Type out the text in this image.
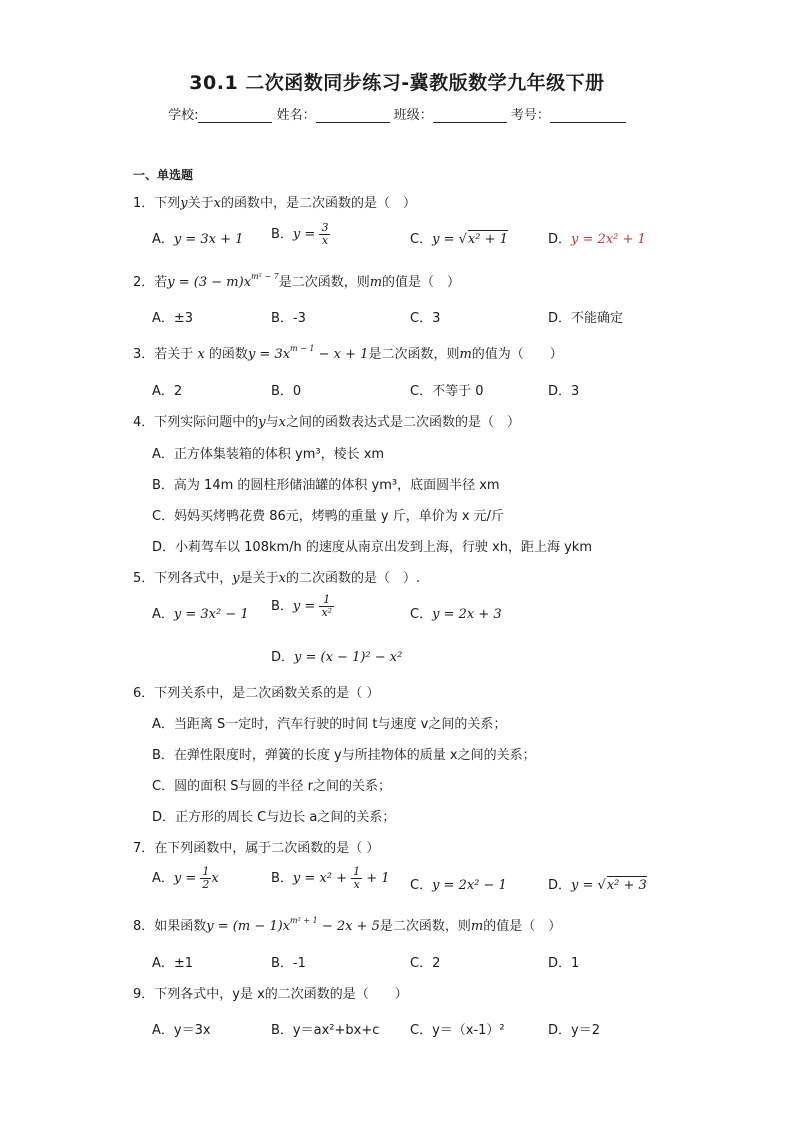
30.1 二次函数同步练习-冀教版数学九年级下册
学校:	姓名：	班级：	考号：
一、单选题
1．下列y关于x的函数中，是二次函数的是（　）
A．y = 3x + 1 B．$y = \frac{3}{x}$	C．y = √x² + 1	D．y = 2x² + 1
2．若$y = (3 - m)x^{m^2 - 7}$是二次函数，则m的值是（　）
A．±3	B．-3	C．3	D．不能确定
3．若关于 x 的函数$y = 3x^{m - 1} - x + 1$是二次函数，则m的值为（　　）
A．2	B．0	C．不等于 0	D．3
4．下列实际问题中的y与x之间的函数表达式是二次函数的是（　）
A．正方体集装箱的体积 ym³，棱长 xm
B．高为 14m 的圆柱形储油罐的体积 ym³，底面圆半径 xm
C．妈妈买烤鸭花费 86元，烤鸭的重量 y 斤，单价为 x 元/斤
D．小莉驾车以 108km/h 的速度从南京出发到上海，行驶 xh，距上海 ykm
5．下列各式中，y是关于x的二次函数的是（　）.
A．y = 3x² − 1
B．$y = \frac{1}{\text{x²}}$	C．y = 2x + 3
D．y = (x − 1)² − x²
6．下列关系中，是二次函数关系的是（ ）
A．当距离 S一定时，汽车行驶的时间 t与速度 v之间的关系；
B．在弹性限度时，弹簧的长度 y与所挂物体的质量 x之间的关系；
C．圆的面积 S与圆的半径 r之间的关系；
D．正方形的周长 C与边长 a之间的关系；
7．在下列函数中，属于二次函数的是（ ）
A．$y = \frac{1}{2}$ x	B．$y = x^2 + \frac{1}{x} + 1$ C．y = 2x² − 1	D．y = √x² + 3
8．如果函数$y = (m - 1)x^{m^2 + 1} - 2x + 5$是二次函数，则m的值是（　）
A．±1	B．-1	C．2	D．1
9．下列各式中，y是 x的二次函数的是（　　）
A．y＝3x	B．y＝ax²+bx+c C．y＝（x-1）²	D．y＝2
